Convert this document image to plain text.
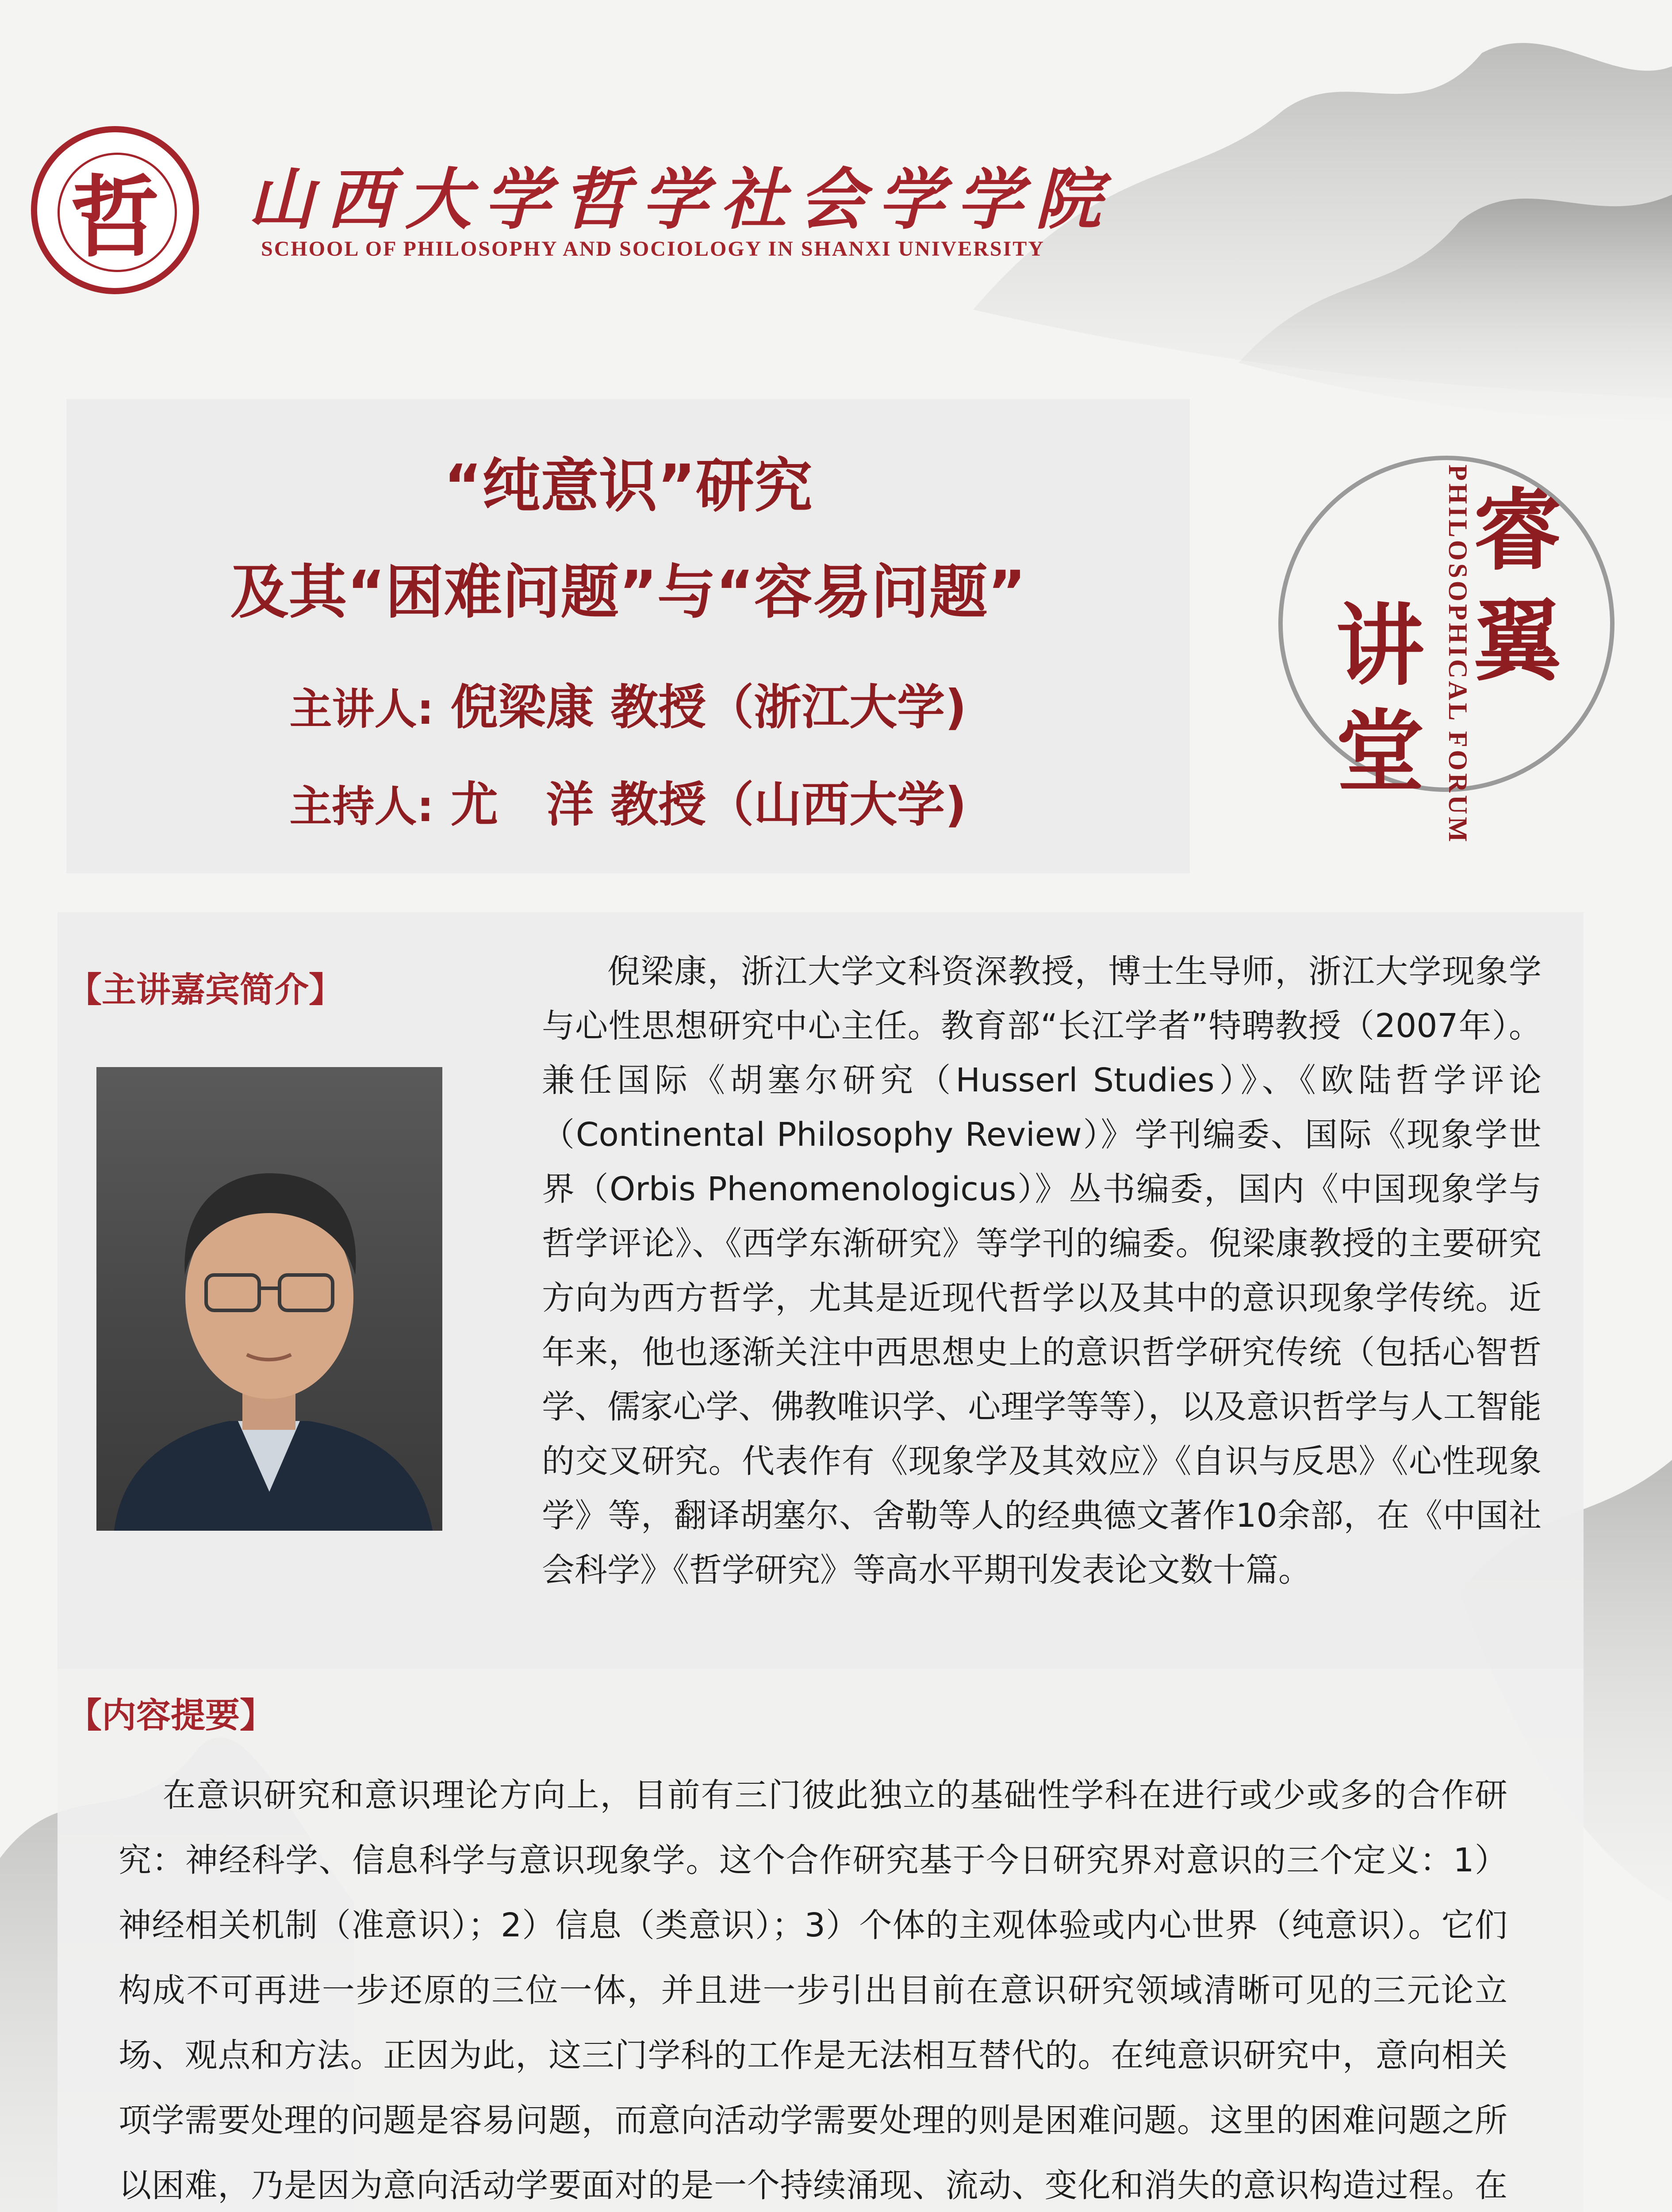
哲	山西大学哲学社会学学院
SCHOOL OF PHILOSOPHY AND SOCIOLOGY IN SHANXI UNIVERSITY
“纯意识”研究
及其“困难问题”与“容易问题”
主讲人: 倪梁康 教授（浙江大学)
主持人: 尤　洋 教授（山西大学)
睿
翼
讲
堂 PHILOSOPHICAL FORUM
【主讲嘉宾简介】	倪梁康，浙江大学文科资深教授，博士生导师，浙江大学现象学与心性思想研究中心主任。教育部“长江学者”特聘教授（2007年）。兼任国际《胡塞尔研究（Husserl Studies）》、《欧陆哲学评论（Continental Philosophy Review）》学刊编委、国际《现象学世界（Orbis Phenomenologicus）》丛书编委，国内《中国现象学与哲学评论》、《西学东渐研究》等学刊的编委。倪梁康教授的主要研究方向为西方哲学，尤其是近现代哲学以及其中的意识现象学传统。近年来，他也逐渐关注中西思想史上的意识哲学研究传统（包括心智哲学、儒家心学、佛教唯识学、心理学等等），以及意识哲学与人工智能的交叉研究。代表作有《现象学及其效应》《自识与反思》《心性现象学》等，翻译胡塞尔、舍勒等人的经典德文著作10余部，在《中国社会科学》《哲学研究》等高水平期刊发表论文数十篇。
【内容提要】
在意识研究和意识理论方向上，目前有三门彼此独立的基础性学科在进行或少或多的合作研究：神经科学、信息科学与意识现象学。这个合作研究基于今日研究界对意识的三个定义：1）神经相关机制（准意识）；2）信息（类意识）；3）个体的主观体验或内心世界（纯意识）。它们构成不可再进一步还原的三位一体，并且进一步引出目前在意识研究领域清晰可见的三元论立场、观点和方法。正因为此，这三门学科的工作是无法相互替代的。在纯意识研究中，意向相关项学需要处理的问题是容易问题，而意向活动学需要处理的则是困难问题。这里的困难问题之所以困难，乃是因为意向活动学要面对的是一个持续涌现、流动、变化和消失的意识构造过程。在
